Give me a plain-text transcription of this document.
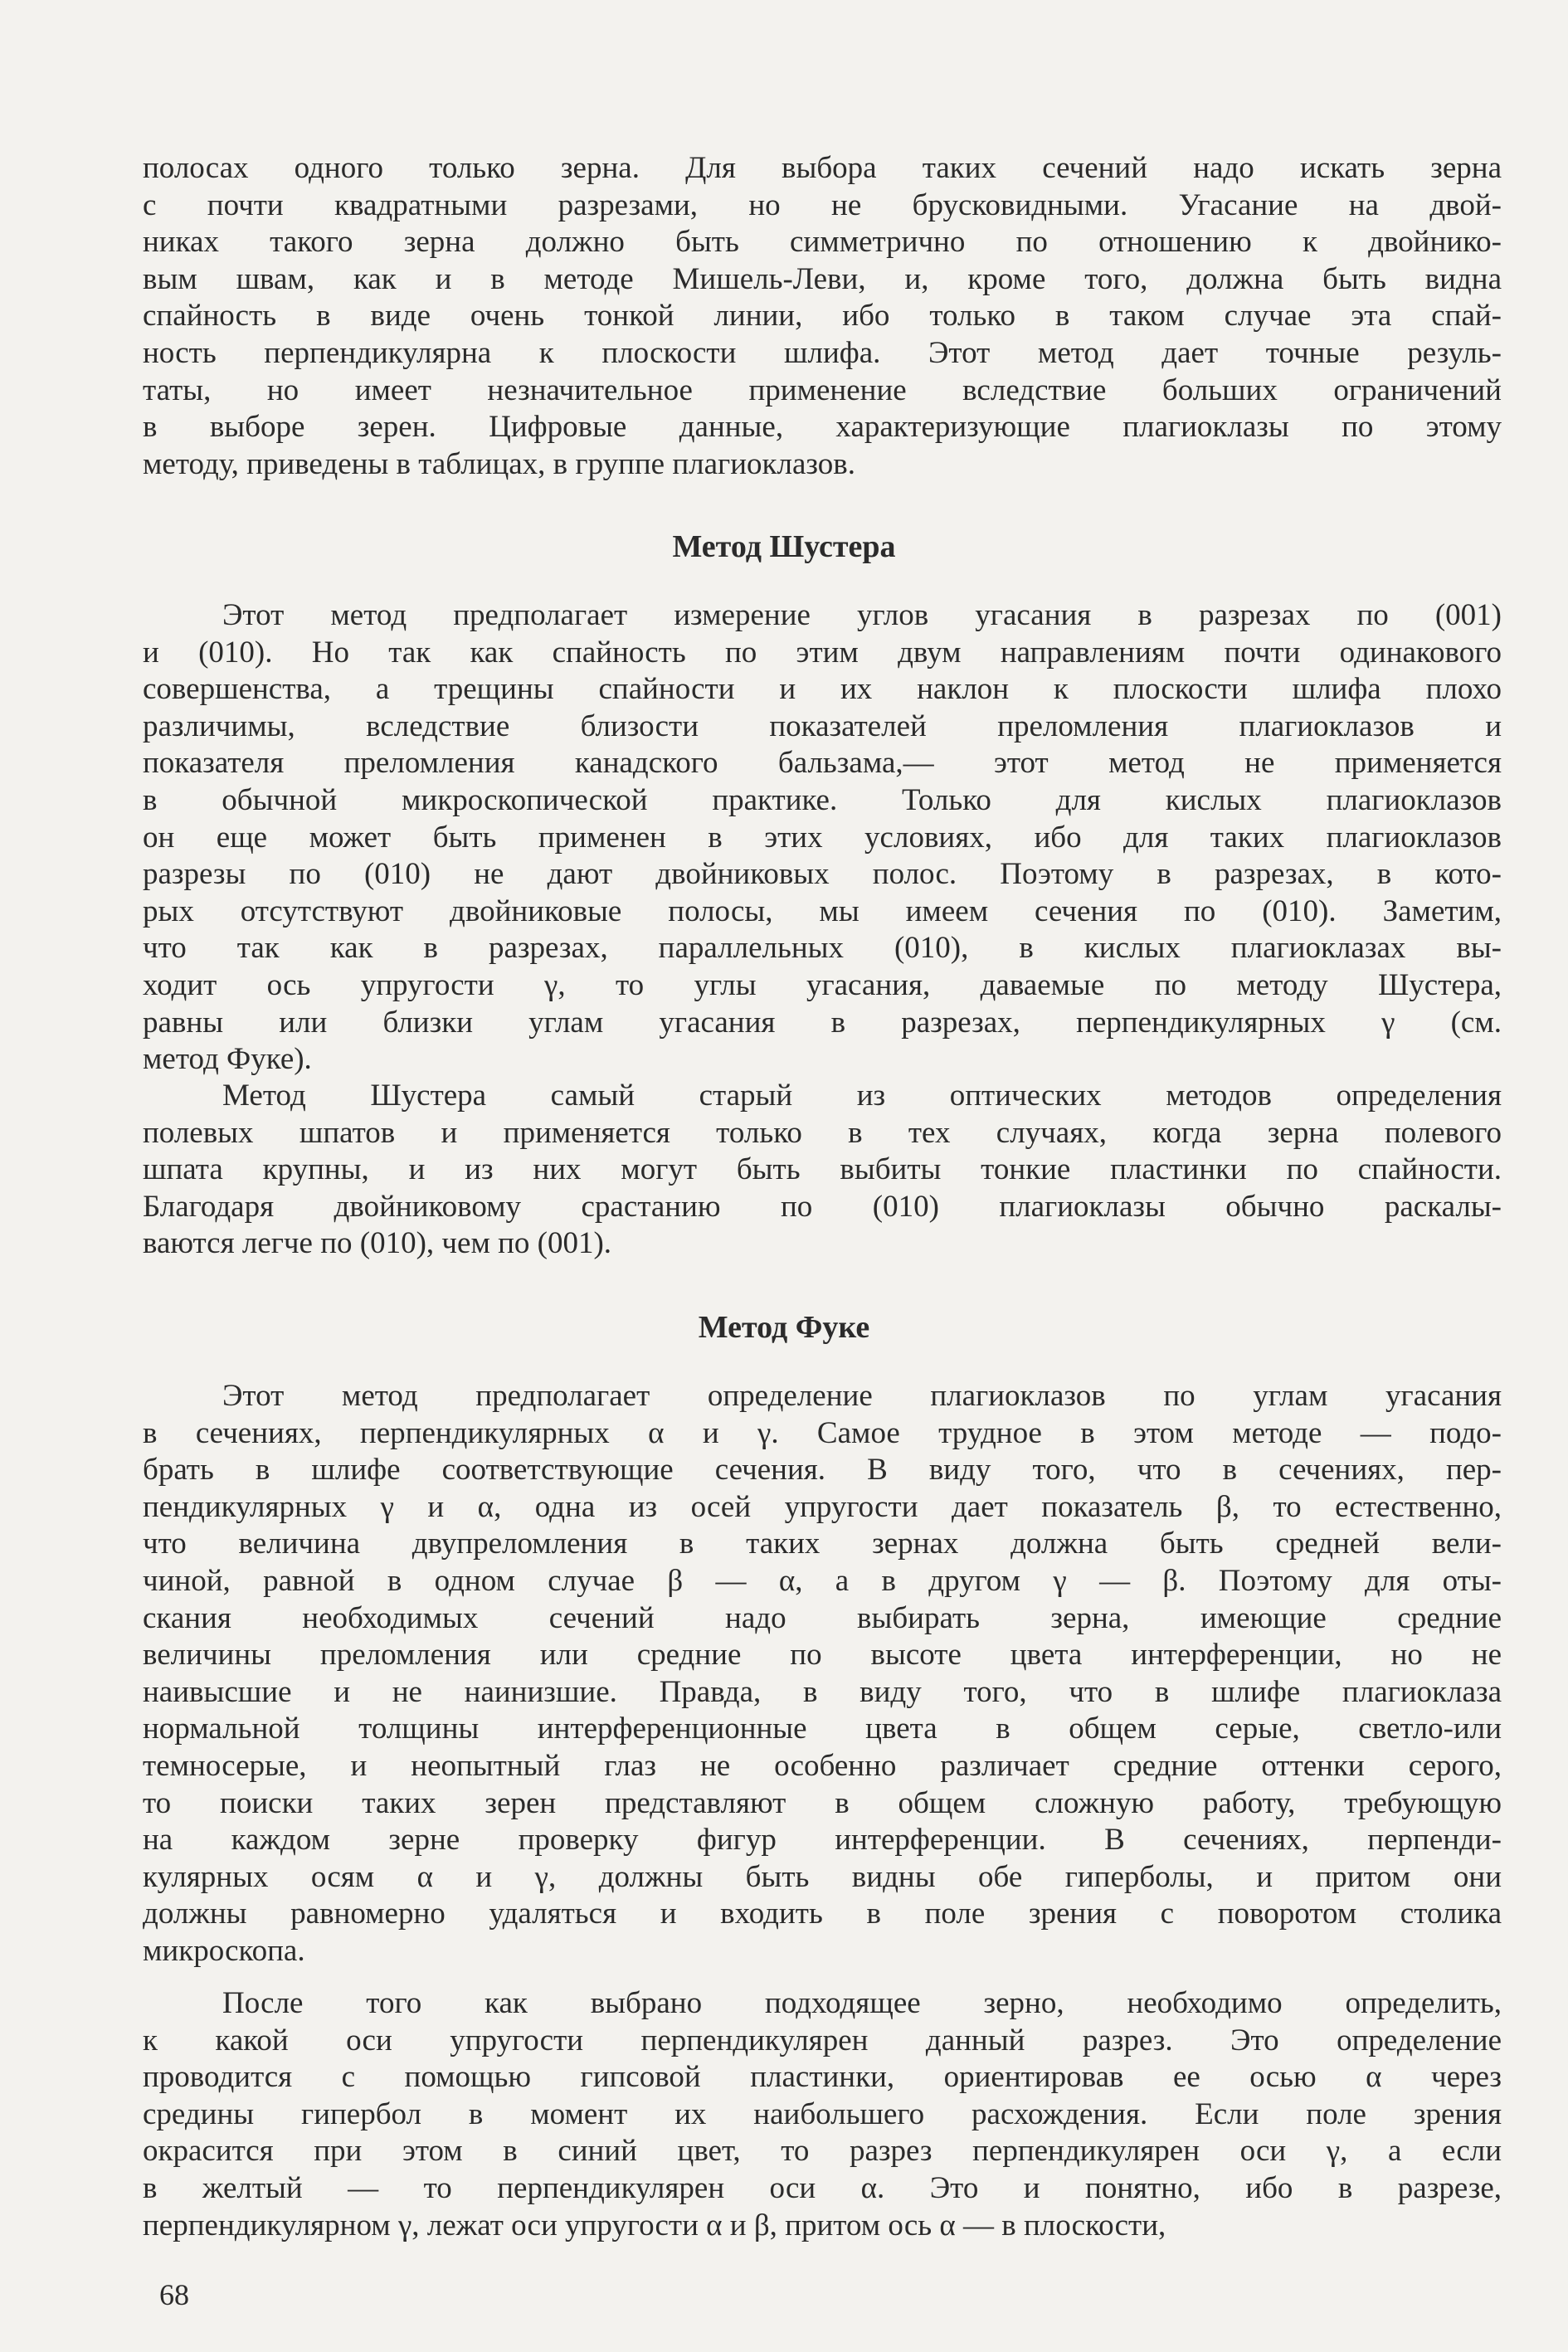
полосах одного только зерна. Для выбора таких сечений надо искать зерна
с почти квадратными разрезами, но не брусковидными. Угасание на двой-
никах такого зерна должно быть симметрично по отношению к двойнико-
вым швам, как и в методе Мишель-Леви, и, кроме того, должна быть видна
спайность в виде очень тонкой линии, ибо только в таком случае эта спай-
ность перпендикулярна к плоскости шлифа. Этот метод дает точные резуль-
таты, но имеет незначительное применение вследствие больших ограничений
в выборе зерен. Цифровые данные, характеризующие плагиоклазы по этому
методу, приведены в таблицах, в группе плагиоклазов.
Метод Шустера
Этот метод предполагает измерение углов угасания в разрезах по (001)
и (010). Но так как спайность по этим двум направлениям почти одинакового
совершенства, а трещины спайности и их наклон к плоскости шлифа плохо
различимы, вследствие близости показателей преломления плагиоклазов и
показателя преломления канадского бальзама,— этот метод не применяется
в обычной микроскопической практике. Только для кислых плагиоклазов
он еще может быть применен в этих условиях, ибо для таких плагиоклазов
разрезы по (010) не дают двойниковых полос. Поэтому в разрезах, в кото-
рых отсутствуют двойниковые полосы, мы имеем сечения по (010). Заметим,
что так как в разрезах, параллельных (010), в кислых плагиоклазах вы-
ходит ось упругости γ, то углы угасания, даваемые по методу Шустера,
равны или близки углам угасания в разрезах, перпендикулярных γ (см.
метод Фуке).
Метод Шустера самый старый из оптических методов определения
полевых шпатов и применяется только в тех случаях, когда зерна полевого
шпата крупны, и из них могут быть выбиты тонкие пластинки по спайности.
Благодаря двойниковому срастанию по (010) плагиоклазы обычно раскалы-
ваются легче по (010), чем по (001).
Метод Фуке
Этот метод предполагает определение плагиоклазов по углам угасания
в сечениях, перпендикулярных α и γ. Самое трудное в этом методе — подо-
брать в шлифе соответствующие сечения. В виду того, что в сечениях, пер-
пендикулярных γ и α, одна из осей упругости дает показатель β, то естественно,
что величина двупреломления в таких зернах должна быть средней вели-
чиной, равной в одном случае β — α, а в другом γ — β. Поэтому для оты-
скания необходимых сечений надо выбирать зерна, имеющие средние
величины преломления или средние по высоте цвета интерференции, но не
наивысшие и не наинизшие. Правда, в виду того, что в шлифе плагиоклаза
нормальной толщины интерференционные цвета в общем серые, светло-или
темносерые, и неопытный глаз не особенно различает средние оттенки серого,
то поиски таких зерен представляют в общем сложную работу, требующую
на каждом зерне проверку фигур интерференции. В сечениях, перпенди-
кулярных осям α и γ, должны быть видны обе гиперболы, и притом они
должны равномерно удаляться и входить в поле зрения с поворотом столика
микроскопа.
После того как выбрано подходящее зерно, необходимо определить,
к какой оси упругости перпендикулярен данный разрез. Это определение
проводится с помощью гипсовой пластинки, ориентировав ее осью α через
средины гипербол в момент их наибольшего расхождения. Если поле зрения
окрасится при этом в синий цвет, то разрез перпендикулярен оси γ, а если
в желтый — то перпендикулярен оси α. Это и понятно, ибо в разрезе,
перпендикулярном γ, лежат оси упругости α и β, притом ось α — в плоскости,
68
